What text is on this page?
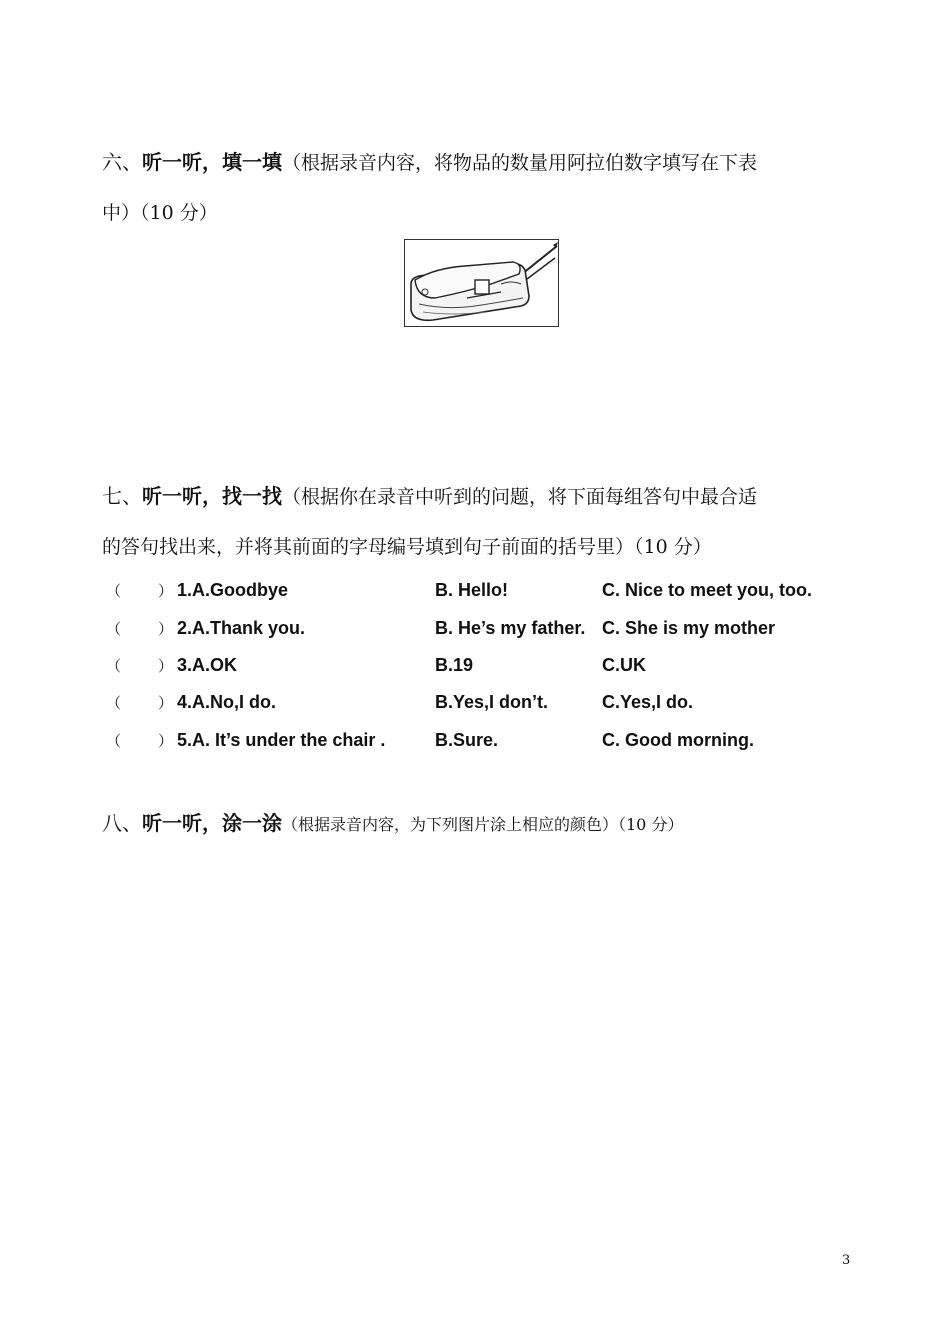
六、听一听，填一填（根据录音内容，将物品的数量用阿拉伯数字填写在下表
中）（10 分）
七、听一听，找一找（根据你在录音中听到的问题，将下面每组答句中最合适
的答句找出来，并将其前面的字母编号填到句子前面的括号里）（10 分）
（ ） 1.A.Goodbye	B. Hello!	C. Nice to meet you, too.
（ ） 2.A.Thank you.	B. He’s my father. C. She is my mother
（ ） 3.A.OK	B.19	C.UK
（ ） 4.A.No,I do.	B.Yes,I don’t.	C.Yes,I do.
（ ） 5.A. It’s under the chair .	B.Sure.	C. Good morning.
八、听一听，涂一涂（根据录音内容，为下列图片涂上相应的颜色）（10 分）
3
